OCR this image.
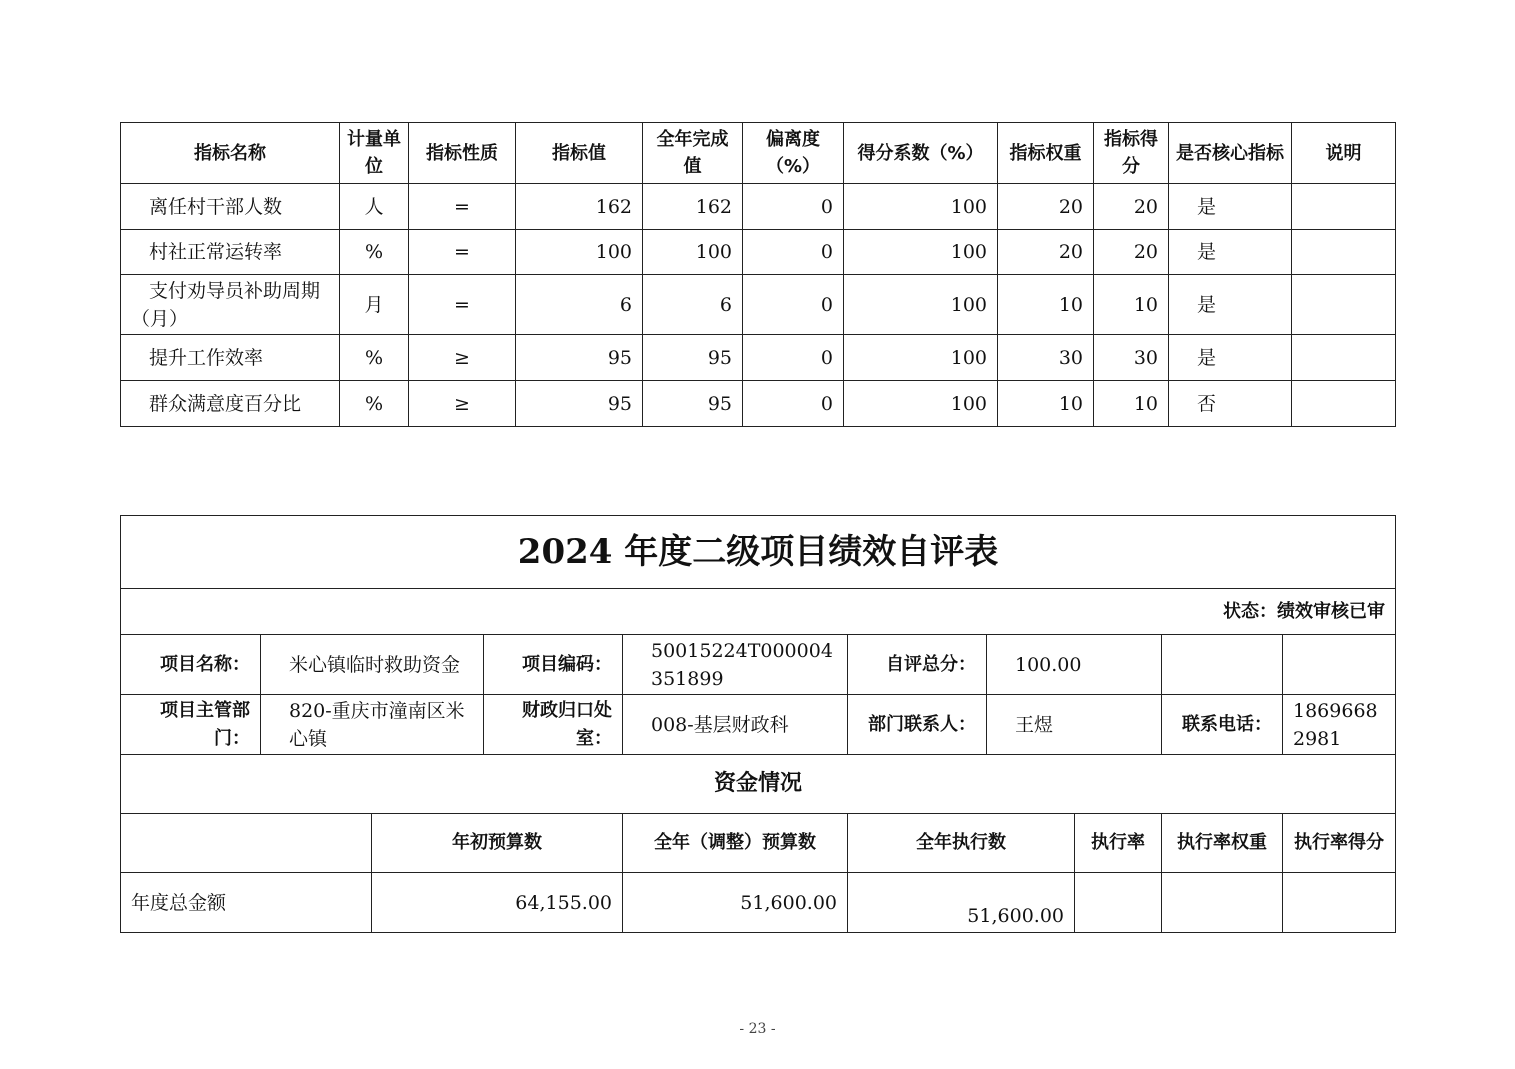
指标名称	计量单位	指标性质	指标值	全年完成值	偏离度（%）	得分系数（%）	指标权重	指标得分	是否核心指标	说明
离任村干部人数	人	=	162	162	0	100	20	20	是	
村社正常运转率	%	=	100	100	0	100	20	20	是	
支付劝导员补助周期（月）	月	=	6	6	0	100	10	10	是	
提升工作效率	%	≥	95	95	0	100	30	30	是	
群众满意度百分比	%	≥	95	95	0	100	10	10	否	
2024 年度二级项目绩效自评表									
状态：绩效审核已审									
项目名称：	米心镇临时救助资金		项目编码：	50015224T000004351899	自评总分：	100.00			
项目主管部门：	820-重庆市潼南区米心镇		财政归口处室：	008-基层财政科	部门联系人：	王煜		联系电话：	18696682981
资金情况									
		年初预算数		全年（调整）预算数	全年执行数		执行率	执行率权重	执行率得分
年度总金额		64,155.00		51,600.00	51,600.00				
- 23 -
